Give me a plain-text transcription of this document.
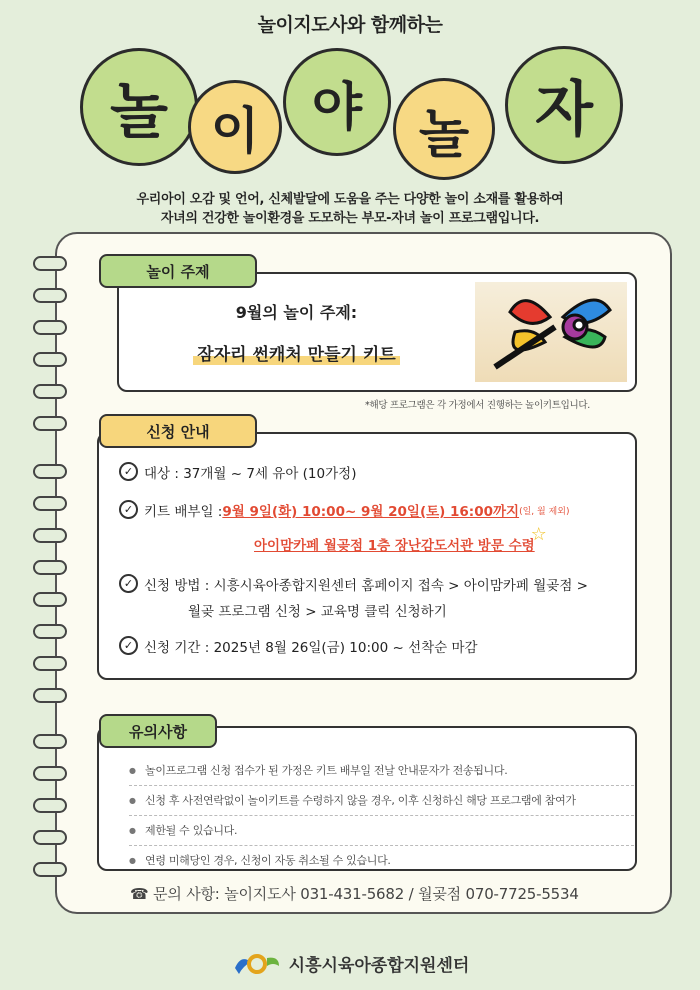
놀이지도사와 함께하는
놀 이	야	놀	자
우리아이 오감 및 언어, 신체발달에 도움을 주는 다양한 놀이 소재를 활용하여
자녀의 건강한 놀이환경을 도모하는 부모-자녀 놀이 프로그램입니다.
놀이 주제
9월의 놀이 주제:
잠자리 썬캐처 만들기 키트
신청 안내
✓ 대상 : 37개월 ~ 7세 유아 (10가정)
✓ 키트 배부일 : 9월 9일(화) 10:00~ 9월 20일(토) 16:00까지 (일, 월 제외)
아이맘카페 월곶점 1층 장난감도서관 방문 수령
☆
✓ 신청 방법 : 시흥시육아종합지원센터 홈페이지 접속 > 아이맘카페 월곶점 >
월곶 프로그램 신청 > 교육명 클릭 신청하기
✓ 신청 기간 : 2025년 8월 26일(금) 10:00 ~ 선착순 마감
유의사항
● 놀이프로그램 신청 접수가 된 가정은 키트 배부일 전날 안내문자가 전송됩니다.
● 신청 후 사전연락없이 놀이키트를 수령하지 않을 경우, 이후 신청하신 해당 프로그램에 참여가
● 제한될 수 있습니다.
● 연령 미해당인 경우, 신청이 자동 취소될 수 있습니다.
*해당 프로그램은 각 가정에서 진행하는 놀이키트입니다.
☎ 문의 사항: 놀이지도사 031-431-5682 / 월곶점 070-7725-5534
시흥시육아종합지원센터
